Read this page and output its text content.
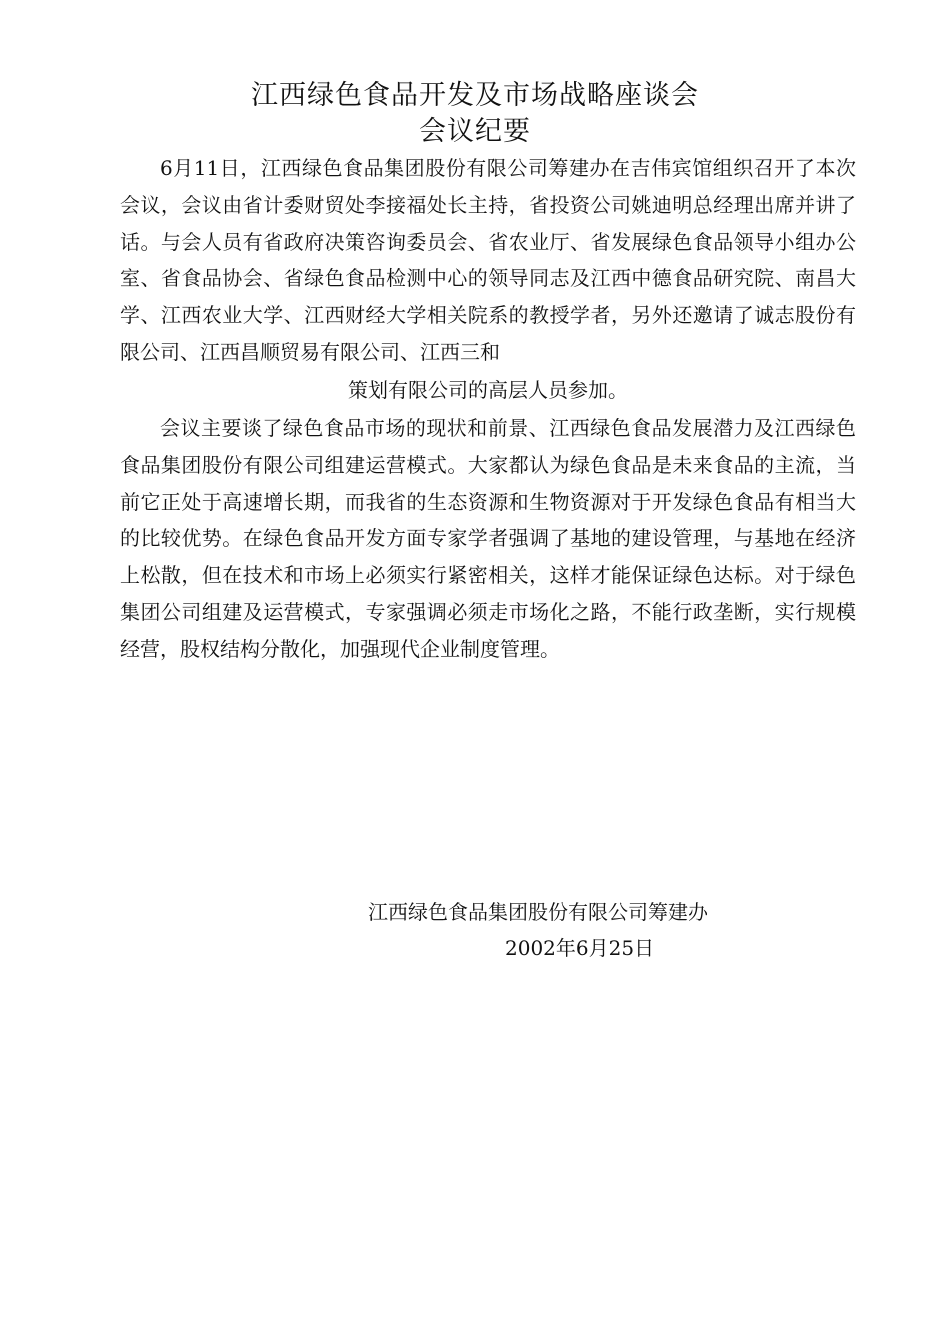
江西绿色食品开发及市场战略座谈会
会议纪要

6月11日，江西绿色食品集团股份有限公司筹建办在吉伟宾馆组织召开了本次会议，会议由省计委财贸处李接福处长主持，省投资公司姚迪明总经理出席并讲了话。与会人员有省政府决策咨询委员会、省农业厅、省发展绿色食品领导小组办公室、省食品协会、省绿色食品检测中心的领导同志及江西中德食品研究院、南昌大学、江西农业大学、江西财经大学相关院系的教授学者，另外还邀请了诚志股份有限公司、江西昌顺贸易有限公司、江西三和

策划有限公司的高层人员参加。

会议主要谈了绿色食品市场的现状和前景、江西绿色食品发展潜力及江西绿色食品集团股份有限公司组建运营模式。大家都认为绿色食品是未来食品的主流，当前它正处于高速增长期，而我省的生态资源和生物资源对于开发绿色食品有相当大的比较优势。在绿色食品开发方面专家学者强调了基地的建设管理，与基地在经济上松散，但在技术和市场上必须实行紧密相关，这样才能保证绿色达标。对于绿色集团公司组建及运营模式，专家强调必须走市场化之路，不能行政垄断，实行规模经营，股权结构分散化，加强现代企业制度管理。

江西绿色食品集团股份有限公司筹建办

2002年6月25日
